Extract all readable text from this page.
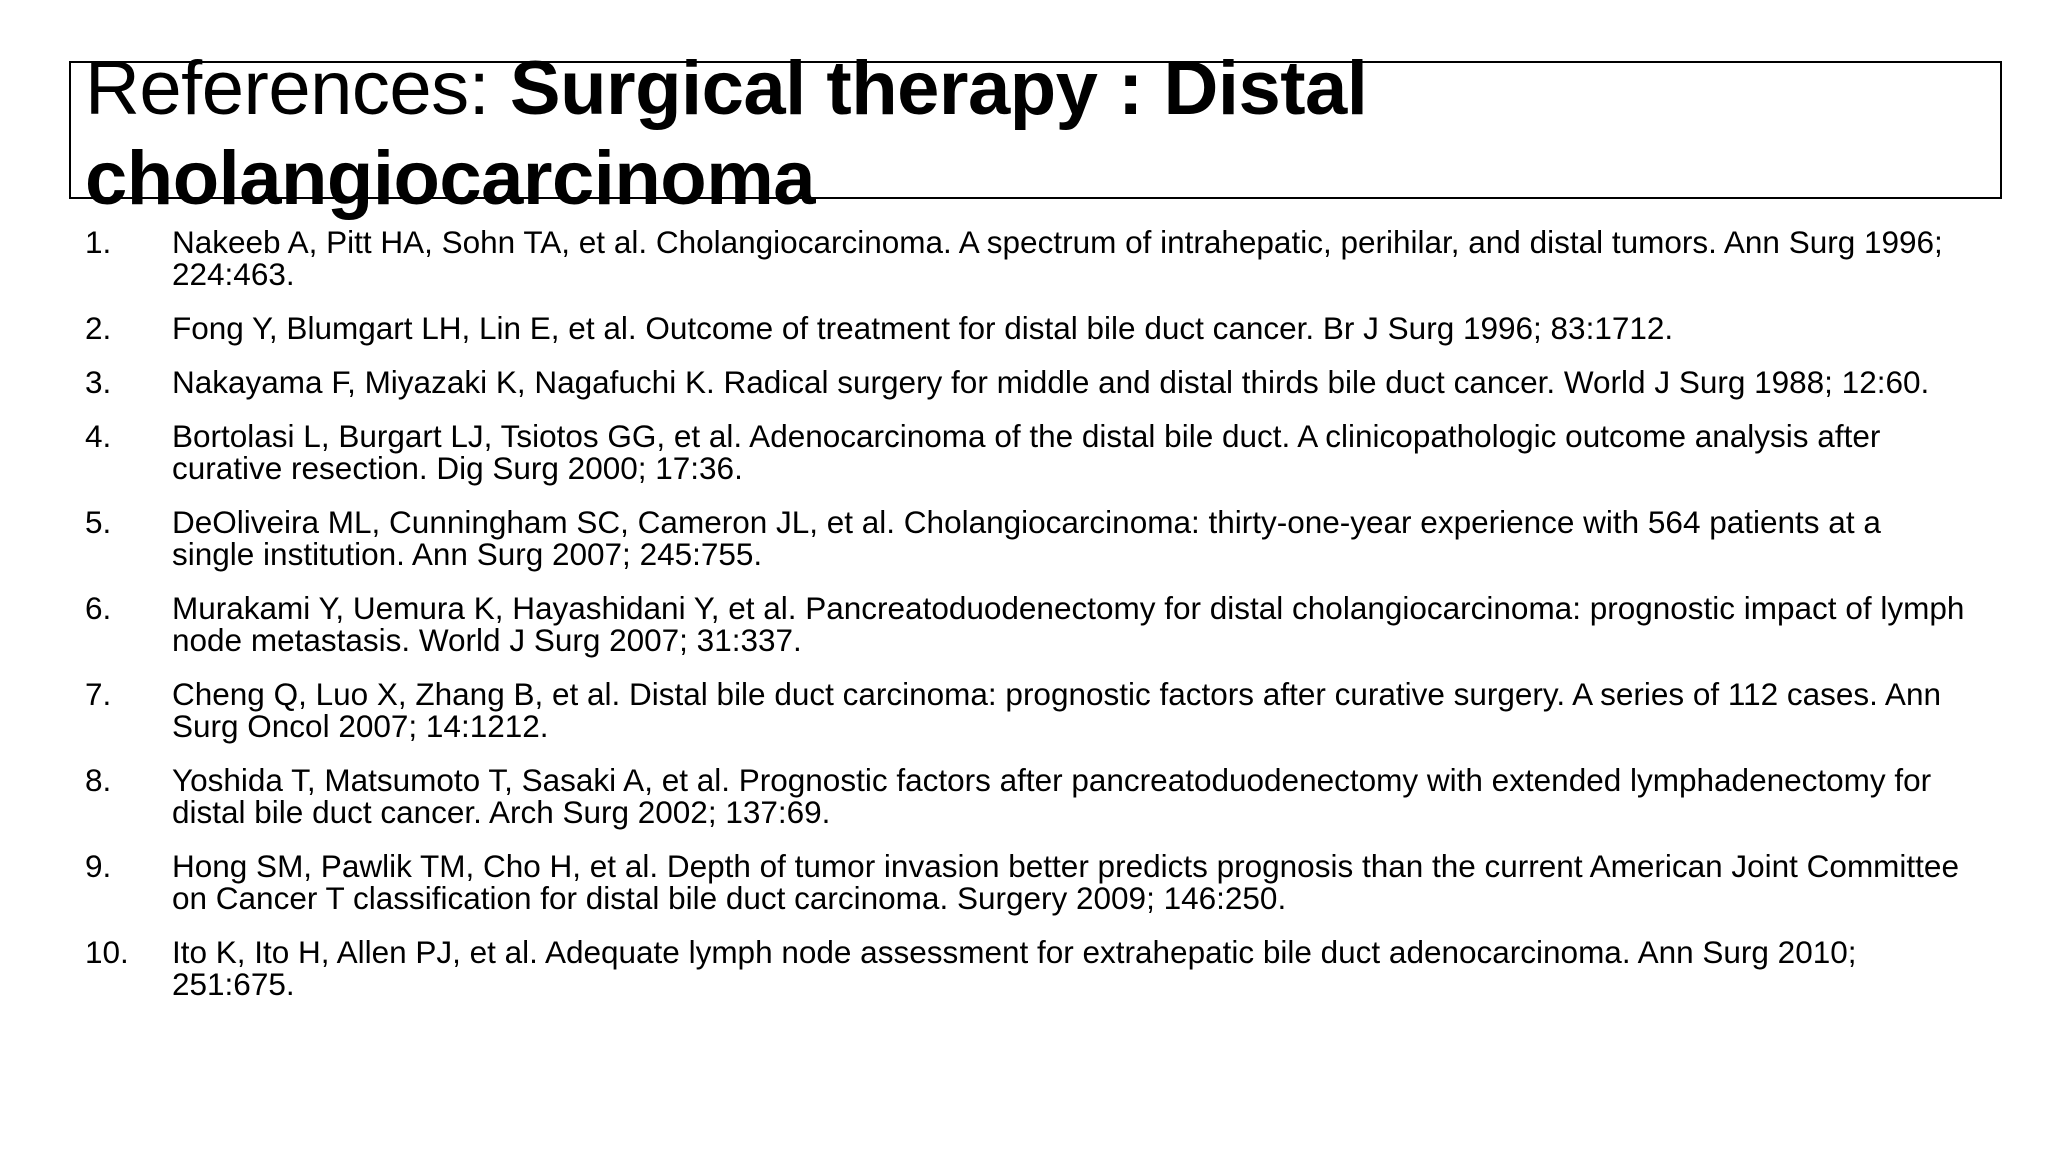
References: Surgical therapy : Distal cholangiocarcinoma
1.	Nakeeb A, Pitt HA, Sohn TA, et al. Cholangiocarcinoma. A spectrum of intrahepatic, perihilar, and distal tumors. Ann Surg 1996; 224:463.
2.	Fong Y, Blumgart LH, Lin E, et al. Outcome of treatment for distal bile duct cancer. Br J Surg 1996; 83:1712.
3.	Nakayama F, Miyazaki K, Nagafuchi K. Radical surgery for middle and distal thirds bile duct cancer. World J Surg 1988; 12:60.
4.	Bortolasi L, Burgart LJ, Tsiotos GG, et al. Adenocarcinoma of the distal bile duct. A clinicopathologic outcome analysis after curative resection. Dig Surg 2000; 17:36.
5.	DeOliveira ML, Cunningham SC, Cameron JL, et al. Cholangiocarcinoma: thirty-one-year experience with 564 patients at a single institution. Ann Surg 2007; 245:755.
6.	Murakami Y, Uemura K, Hayashidani Y, et al. Pancreatoduodenectomy for distal cholangiocarcinoma: prognostic impact of lymph node metastasis. World J Surg 2007; 31:337.
7.	Cheng Q, Luo X, Zhang B, et al. Distal bile duct carcinoma: prognostic factors after curative surgery. A series of 112 cases. Ann Surg Oncol 2007; 14:1212.
8.	Yoshida T, Matsumoto T, Sasaki A, et al. Prognostic factors after pancreatoduodenectomy with extended lymphadenectomy for distal bile duct cancer. Arch Surg 2002; 137:69.
9.	Hong SM, Pawlik TM, Cho H, et al. Depth of tumor invasion better predicts prognosis than the current American Joint Committee on Cancer T classification for distal bile duct carcinoma. Surgery 2009; 146:250.
10.	Ito K, Ito H, Allen PJ, et al. Adequate lymph node assessment for extrahepatic bile duct adenocarcinoma. Ann Surg 2010; 251:675.
